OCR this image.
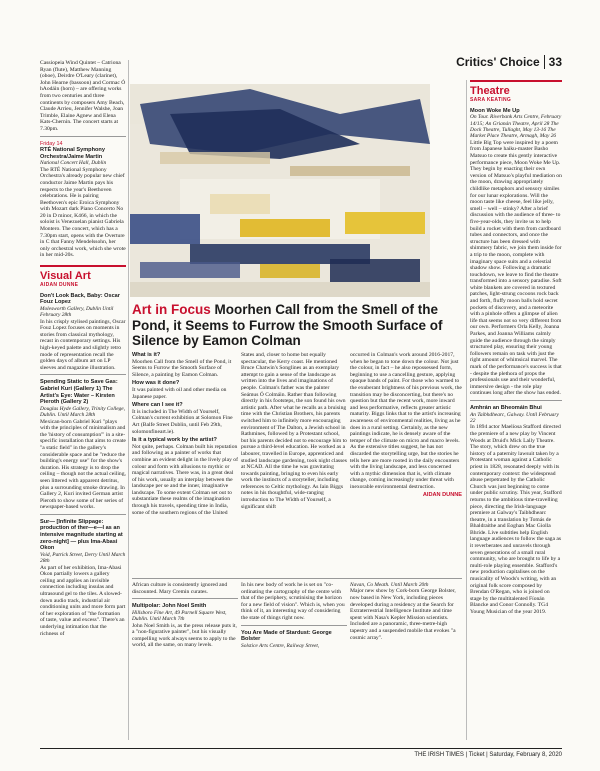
Critics' Choice 33

Cassiopeia Wind Quintet – Catriona Ryan (flute), Matthew Manning (oboe), Deirdre O'Leary (clarinet), John Hearne (bassoon) and Cormac Ó hAodáin (horn) – are offering works from two centuries and three continents by composers Amy Beach, Claude Arrieu, Jennifer Walshe, Joan Trimble, Elaine Agnew and Elena Kats-Chernin. The concert starts at 7.30pm.

Friday 14
RTÉ National Symphony Orchestra/Jaime Martin
National Concert Hall, Dublin

The RTÉ National Symphony Orchestra's already popular new chief conductor Jaime Martin pays his respects to the year's Beethoven celebrations. He is pairing Beethoven's epic Eroica Symphony with Mozart dark Piano Concerto No 20 in D minor, K466, in which the soloist is Venezuelan pianist Gabriela Montero. The concert, which has a 7.30pm start, opens with the Overture in C that Fanny Mendelssohn, her only orchestral work, which she wrote in her mid-20s.

Visual Art
AIDAN DUNNE
Don't Look Back, Baby: Oscar Fouz Lopez
Molesworth Gallery, Dublin Until February 28th

In his crisply stylised paintings, Oscar Fouz Lopez focuses on moments in stories from classical mythology, recast in contemporary settings. His high-keyed palette and slightly retro mode of representation recall the golden days of album art on LP sleeves and magazine illustration.

Spending Static to Save Gas: Gabriel Kuri (Gallery 1) The Artist's Eye: Water – Kirsten Pieroth (Gallery 2)
Douglas Hyde Gallery, Trinity College, Dublin. Until March 28th

Mexican-born Gabriel Kuri "plays with the principles of minimalism and the 'history of consumption'" in a site-specific installation that aims to create "a static field" in the gallery's considerable space and be "reduce the building's energy use" for the show's duration. His strategy is to drop the ceiling – though not the actual ceiling, seen littered with apparent detritus, plus a surrounding smoke drawing. In Gallery 2, Kuri invited German artist Pieroth to show some of her series of newspaper-based works.

Sur— [Infinite Slippage: production of ther—e—l as an intensive magnitude starting at zero-night] — plus Ima-Abasi Okon
Void, Patrick Street, Derry Until March 28th

As part of her exhibition, Ima-Abasi Okon partially lowers a gallery ceiling and applies an invisible connection including insulas and ultrasound gel to the tiles. A slowed-down audio track, industrial air conditioning units and more form part of her exploration of "the formation of taste, value and excess". There's an underlying intimation that the richness of

Art in Focus Moorhen Call from the Smell of the Pond, it Seems to Furrow the Smooth Surface of Silence by Eamon Colman
What is it?

Moorhen Call from the Smell of the Pond, it Seems to Furrow the Smooth Surface of Silence, a painting by Eamon Colman.

How was it done?

It was painted with oil and other media on Japanese paper.

Where can I see it?

It is included in The Width of Yourself, Colman's current exhibition at Solomon Fine Art (Balfe Street Dublin, until Feb 29th, solomonfineart.ie).

Is it a typical work by the artist?

Not quite, perhaps. Colman built his reputation and following as a painter of works that combine an evident delight in the lively play of colour and form with allusions to mythic or magical narratives. There was, in a great deal of his work, usually an interplay between the landscape per se and the inner, imaginative landscape. To some extent Colman set out to substantiate these realms of the imagination through his travels, spending time in India, some of the southern regions of the United

States and, closer to home but equally spectacular, the Kerry coast. He mentioned Bruce Chatwin's Songlines as an exemplary attempt to gain a sense of the landscape as written into the lives and imaginations of people. Colman's father was the painter Seámus Ó Colmáin. Rather than following directly in his footsteps, the son found his own artistic path. After what he recalls as a bruising time with the Christian Brothers, his parents switched him to infinitely more encouraging environment of The Dalton, a Jewish school in Rathmines, followed by a Protestant school, but his parents decided not to encourage him to pursue a third-level education. He worked as a labourer, travelled in Europe, apprenticed and studied landscape gardening, took night classes at NCAD. All the time he was gravitating towards painting, bringing to even his early work the instincts of a storyteller, including references to Celtic mythology. As Iain Biggs notes in his thoughtful, wide-ranging introduction to The Width of Yourself, a significant shift

occurred in Colman's work around 2016-2017, when he began to tone down the colour. Not just the colour, in fact – he also repossessed form, beginning to use a cancelling gesture, applying opaque bands of paint. For those who warmed to the exuberant brightness of his previous work, the transition may be disconcerting, but there's no question but that the recent work, more inward and less performative, reflects greater artistic maturity. Biggs links that to the artist's increasing awareness of environmental realities, living as he does in a rural setting. Certainly, as the new paintings indicate, he is densely aware of the temper of the climate on micro and macro levels. As the extensive titles suggest, he has not discarded the storytelling urge, but the stories he tells here are more rooted in the daily encounters with the living landscape, and less concerned with a mythic dimension that is, with climate change, coming increasingly under threat with inexorable environmental destruction.

AIDAN DUNNE

African culture is consistently ignored and discounted. Mary Cremin curates.

Multipolar: John Noel Smith
Hillsboro Fine Art, 49 Parnell Square West, Dublin. Until March 7th

John Noel Smith is, as the press release puts it, a "non-figurative painter", but his visually compelling work always seems to apply to the world, all the same, on many levels.

In his new body of work he is set on "co-ordinating the cartography of the centre with that of the periphery, scrutinising the horizon for a new field of vision". Which is, when you think of it, an interesting way of considering the state of things right now.

You Are Made of Stardust: George Bolster
Solstice Arts Centre, Railway Street,
Navan, Co Meath. Until March 20th

Major new show by Cork-born George Bolster, now based in New York, including pieces developed during a residency at the Search for Extraterrestrial Intelligence Institute and time spent with Nasa's Kepler Mission scientists. Included are a panoramic, three-metre-high tapestry and a suspended mobile that evokes "a cosmic array".

Theatre
SARA KEATING
Moon Woke Me Up
On Tour. Riverbank Arts Centre, February 14/15; An Grianán Theatre, April 28 The Dock Theatre, Tullaght, May 13-16 The Market Place Theatre, Armagh, May 26

Little Big Top were inspired by a poem from Japanese haiku-master Basho Matsuo to create this gently interactive performance piece, Moon Woke Me Up. They begin by enacting their own version of Matsuo's playful mediation on the moon, drawing appropriately childlike metaphors and sensory similes for our lunar explorations. Will the moon taste like cheese, feel like jelly, smell – well – stinky? After a brief discussion with the audience of three- to five-year-olds, they invite us to help build a rocket with them from cardboard tubes and connectors, and once the structure has been dressed with shimmery fabric, we join them inside for a trip to the moon, complete with imaginary space suits and a celestial shadow show. Following a dramatic touchdown, we leave to find the theatre transformed into a sensory paradise. Soft white blankets are covered in textured patches, light-strung cocoons rock back and forth, fluffy moon balls hold secret pockets of discovery, and a meteorite with a pinhole offers a glimpse of alien life that seems not so very different from our own. Performers Orla Kelly, Joanna Parkes, and Joanna Williams calmly guide the audience through the simply structured play, ensuring their young followers remain on task with just the right amount of whimsical marvel. The mark of the performance's success is that - despite the plethora of props the professionals use and their wonderful, immersive design - the role play continues long after the show has ended.

Amhrán an Bheomáin Bhui
An Taibhdhearc, Galway. Until February 22

In 1894 actor Maelíosa Stafford directed the premiere of a new play by Vincent Woods at Druid's Mick Lally Theatre. The story, which drew on the true history of a paternity lawsuit taken by a Protestant woman against a Catholic priest in 1828, resonated deeply with its contemporary context: the widespread abuse perpetrated by the Catholic Church was just beginning to come under public scrutiny. This year, Stafford returns to the ambitious time-travelling piece, directing the Irish-language premiere at Galway's Taibhdhearc theatre, in a translation by Tomás de Bhaldraithe and Eoghan Mac Giolla Bhríde. Live subtitles help English language audiences to follow the saga as it reverberates and unravels through seven generations of a small rural community, who are brought to life by a multi-role playing ensemble. Stafford's new production capitalises on the musicality of Woods's writing, with an original folk score composed by Brendan O'Regan, who is joined on stage by the multitalented Fíonán Blancke and Conor Connolly. TG4 Young Musician of the year 2019.

THE IRISH TIMES | Ticket | Saturday, February 8, 2020
